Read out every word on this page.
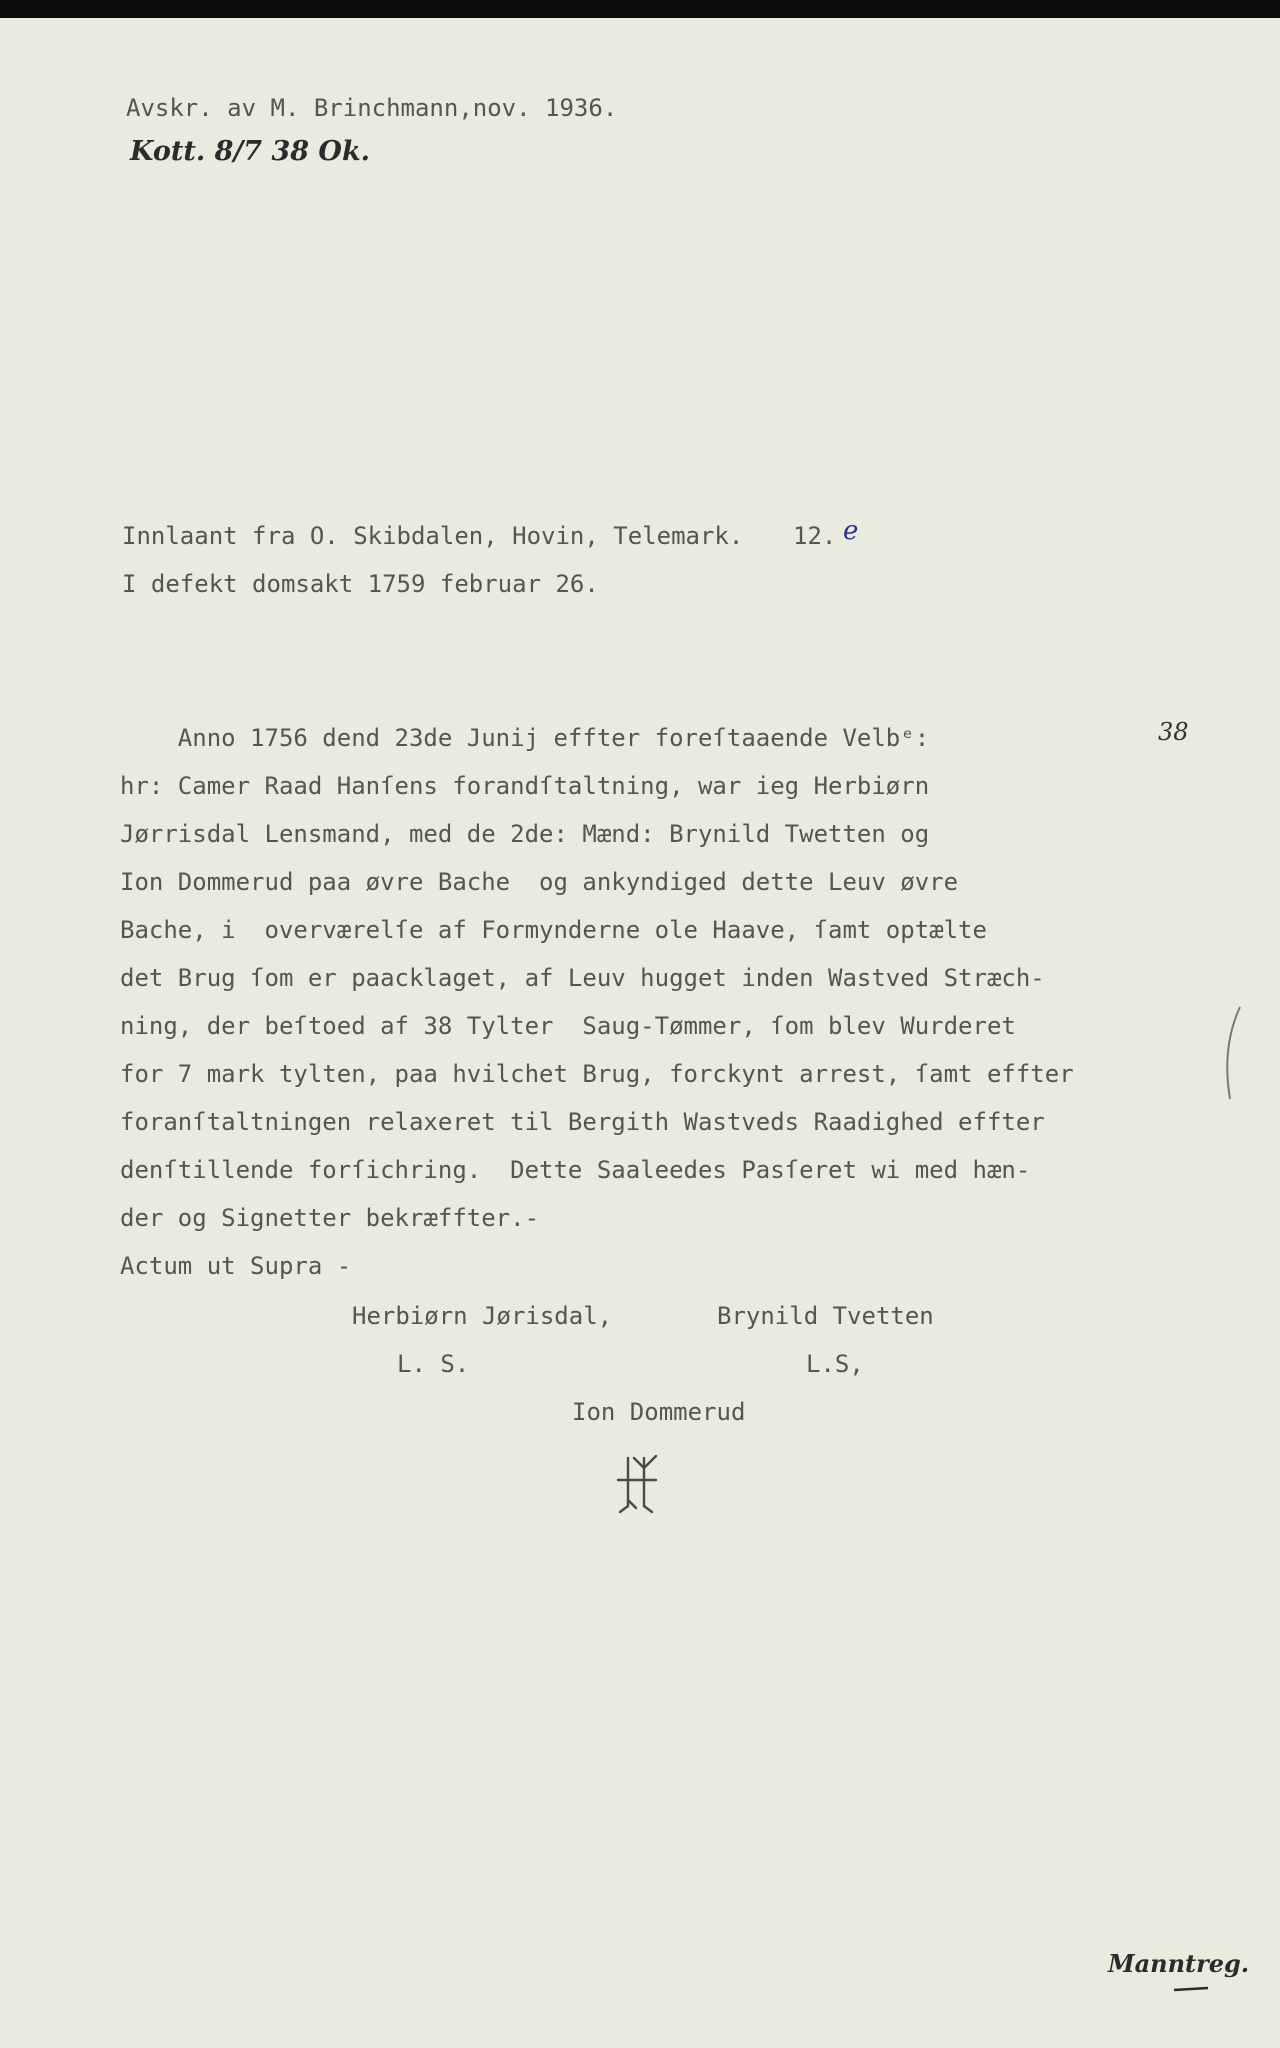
Avskr. av M. Brinchmann,nov. 1936.
Kott. 8/7 38 Ok.
Innlaant fra O. Skibdalen, Hovin, Telemark. 12. e
I defekt domsakt 1759 februar 26.
38
Anno 1756 dend 23de Junij effter foreſtaaende Velbᵉ:
hr: Camer Raad Hanſens forandſtaltning, war ieg Herbiørn
Jørrisdal Lensmand, med de 2de: Mænd: Brynild Twetten og
Ion Dommerud paa øvre Bache  og ankyndiged dette Leuv øvre
Bache, i  overværelſe af Formynderne ole Haave, ſamt optælte
det Brug ſom er paacklaget, af Leuv hugget inden Wastved Stræch-
ning, der beſtoed af 38 Tylter  Saug-Tømmer, ſom blev Wurderet
for 7 mark tylten, paa hvilchet Brug, forckynt arrest, ſamt effter
foranſtaltningen relaxeret til Bergith Wastveds Raadighed effter
denſtillende forſichring.  Dette Saaleedes Pasſeret wi med hæn-
der og Signetter bekræffter.-
Actum ut Supra -
Herbiørn Jørisdal,	Brynild Tvetten
L. S.	L.S,
Ion Dommerud
Manntreg.
